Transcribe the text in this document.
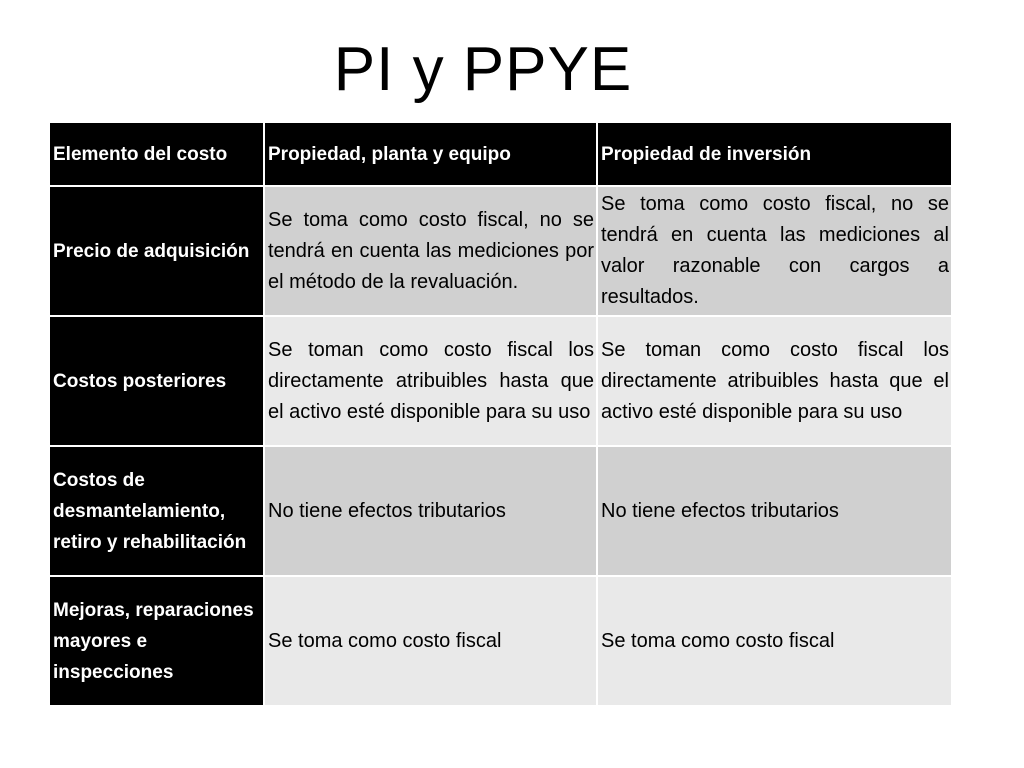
PI y PPYE
Elemento del costo	Propiedad, planta y equipo	Propiedad de inversión
Precio de adquisición	Se toma como costo fiscal, no se tendrá en cuenta las mediciones por el método de la revaluación.	Se toma como costo fiscal, no se tendrá en cuenta las mediciones al valor razonable con cargos a resultados.
Costos posteriores	Se toman como costo fiscal los directamente atribuibles hasta que el activo esté disponible para su uso	Se toman como costo fiscal los directamente atribuibles hasta que el activo esté disponible para su uso
Costos de desmantelamiento, retiro y rehabilitación	No tiene efectos tributarios	No tiene efectos tributarios
Mejoras, reparaciones mayores e inspecciones	Se toma como costo fiscal	Se toma como costo fiscal
